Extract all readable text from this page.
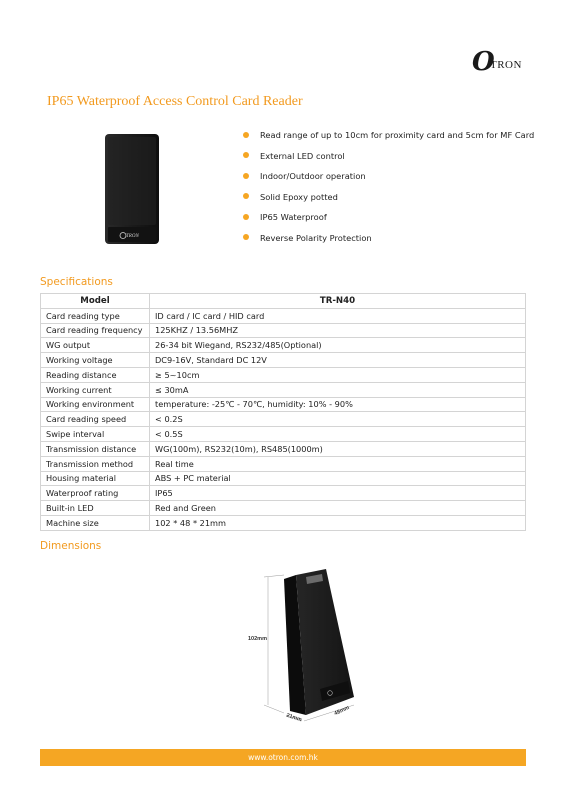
O
TRON
IP65 Waterproof Access Control Card Reader
TRON
Read range of up to 10cm for proximity card and 5cm for MF Card
External LED control
Indoor/Outdoor operation
Solid Epoxy potted
IP65 Waterproof
Reverse Polarity Protection
Specifications
Model	TR-N40
Card reading type	ID card / IC card / HID card
Card reading frequency	125KHZ / 13.56MHZ
WG output	26-34 bit Wiegand, RS232/485(Optional)
Working voltage	DC9-16V, Standard DC 12V
Reading distance	≥ 5~10cm
Working current	≤ 30mA
Working environment	temperature: -25℃ - 70℃, humidity: 10% - 90%
Card reading speed	< 0.2S
Swipe interval	< 0.5S
Transmission distance	WG(100m), RS232(10m), RS485(1000m)
Transmission method	Real time
Housing material	ABS + PC material
Waterproof rating	IP65
Built-in LED	Red and Green
Machine size	102 * 48 * 21mm
Dimensions
102mm
21mm
48mm
www.otron.com.hk
